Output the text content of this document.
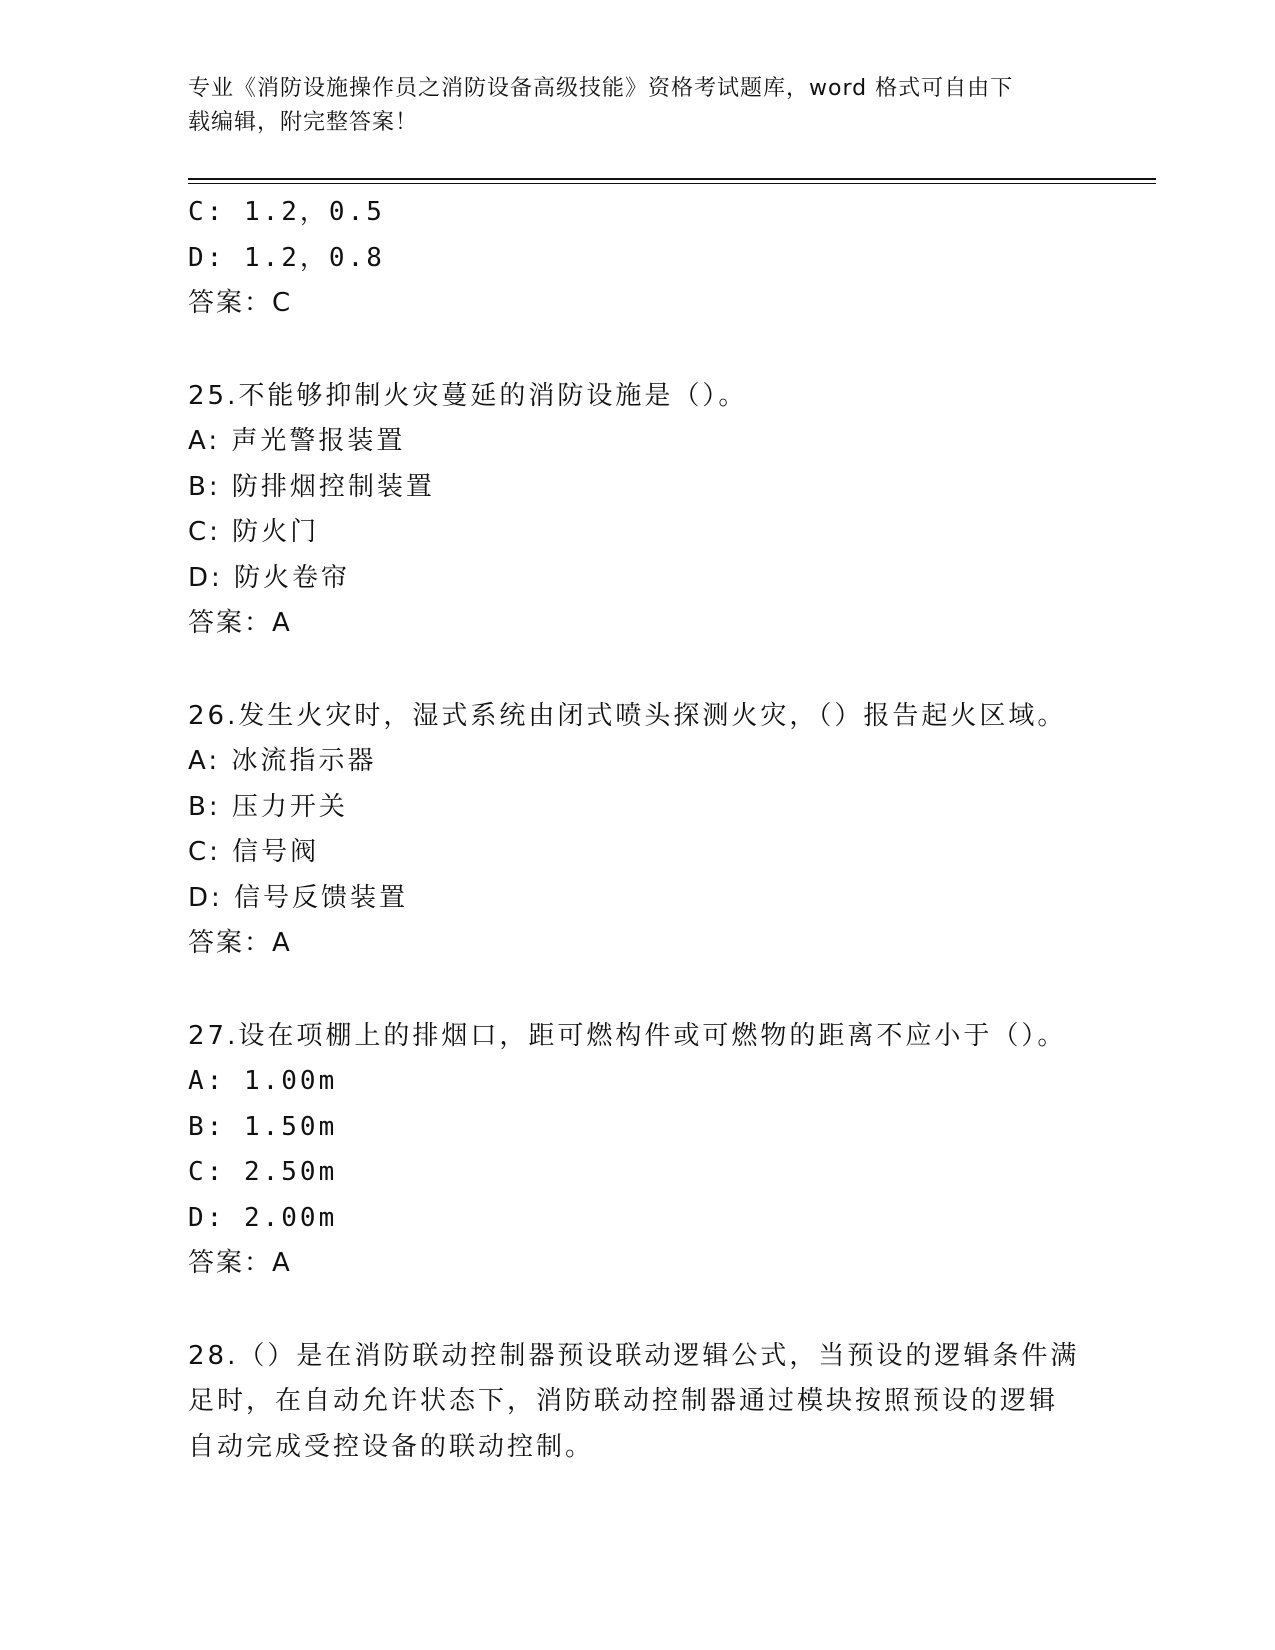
专业《消防设施操作员之消防设备高级技能》资格考试题库，word 格式可自由下
载编辑，附完整答案！
C: 1.2，0.5
D: 1.2，0.8
答案：C
25.不能够抑制火灾蔓延的消防设施是（）。
A: 声光警报装置
B: 防排烟控制装置
C: 防火门
D: 防火卷帘
答案：A
26.发生火灾时，湿式系统由闭式喷头探测火灾，（）报告起火区域。
A: 冰流指示器
B: 压力开关
C: 信号阀
D: 信号反馈装置
答案：A
27.设在项棚上的排烟口，距可燃构件或可燃物的距离不应小于（）。
A: 1.00m
B: 1.50m
C: 2.50m
D: 2.00m
答案：A
28.（）是在消防联动控制器预设联动逻辑公式，当预设的逻辑条件满
足时，在自动允许状态下，消防联动控制器通过模块按照预设的逻辑
自动完成受控设备的联动控制。
